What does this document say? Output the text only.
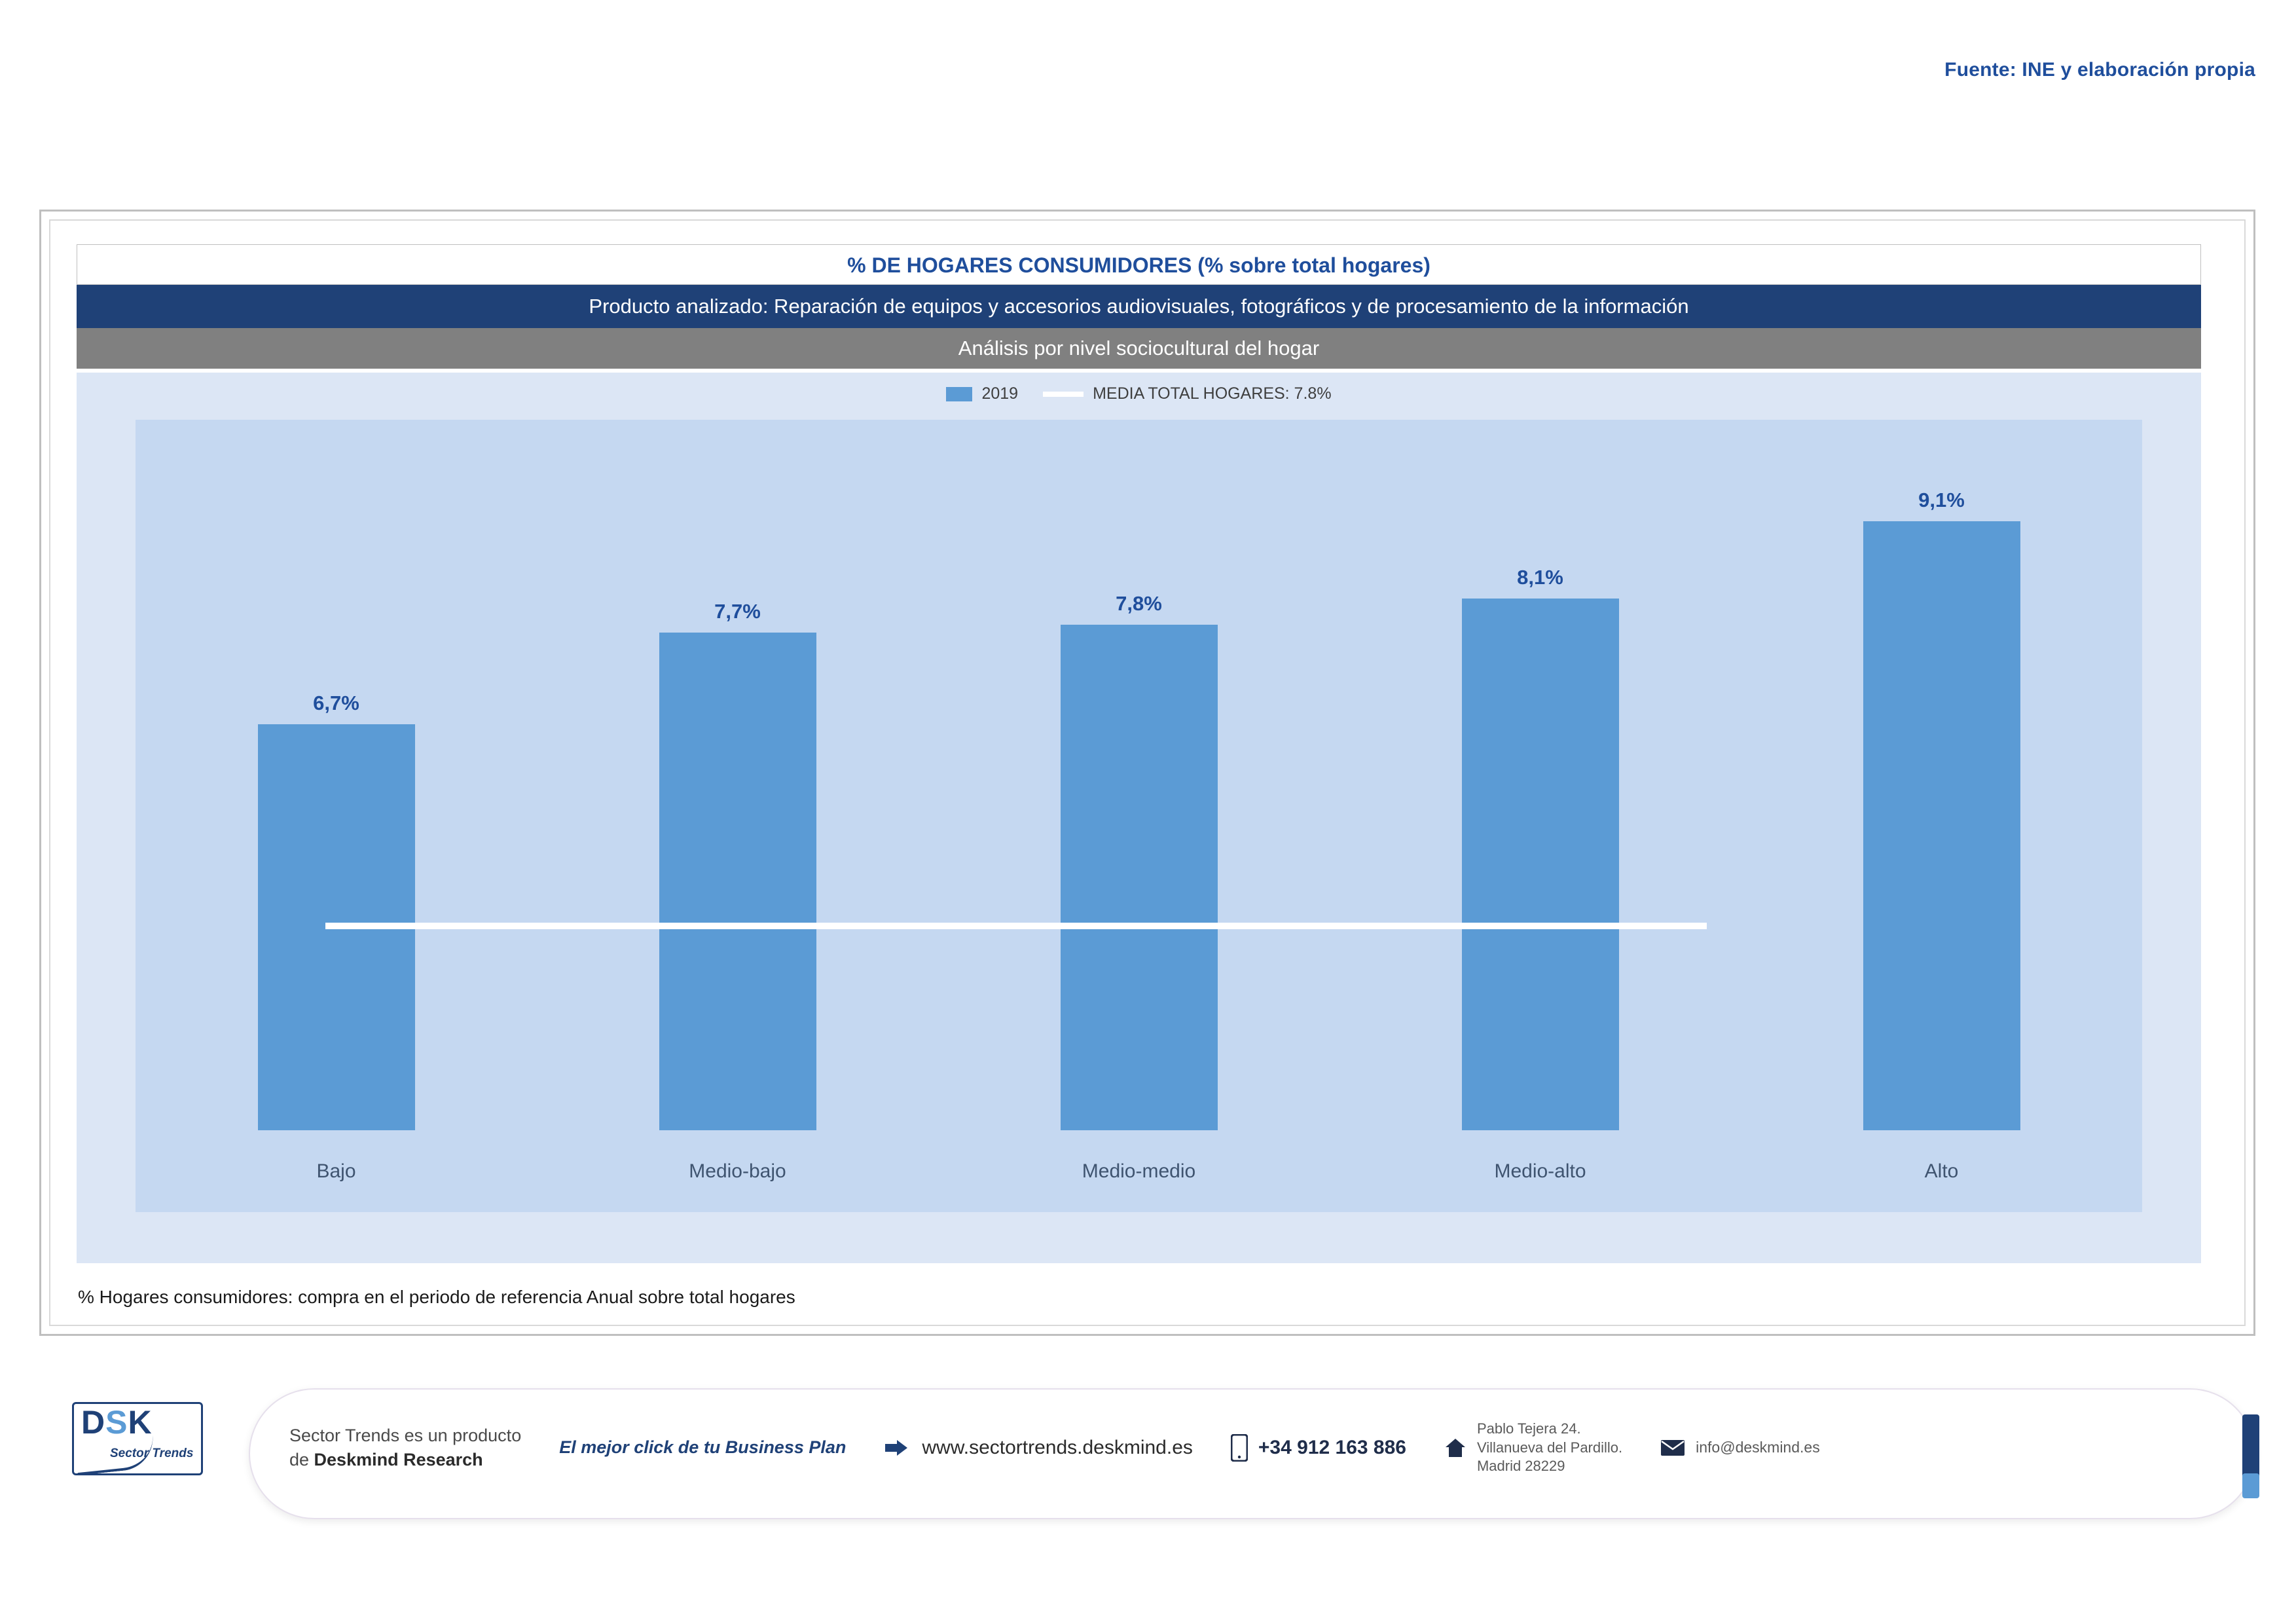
Fuente: INE y elaboración propia
% DE HOGARES CONSUMIDORES (% sobre total hogares)
Producto analizado: Reparación de equipos y accesorios audiovisuales, fotográficos y de procesamiento de la información
Análisis por nivel sociocultural del hogar
2019	MEDIA TOTAL HOGARES: 7.8%
6,7%
7,7%	7,8%
8,1%
9,1%
Bajo	Medio-bajo	Medio-medio	Medio-alto	Alto
% Hogares consumidores: compra en el periodo de referencia Anual sobre total hogares
DSK
Sector Trends
Sector Trends es un producto
de Deskmind Research
El mejor click de tu Business Plan	www.sectortrends.deskmind.es	+34 912 163 886
Pablo Tejera 24.
Villanueva del Pardillo.
Madrid 28229
info@deskmind.es
